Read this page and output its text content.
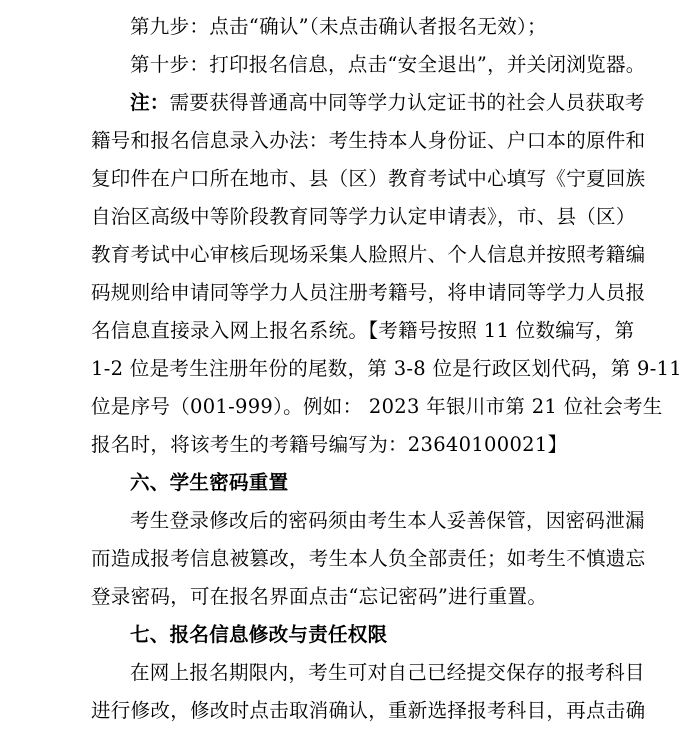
第九步：点击“确认”（未点击确认者报名无效）；
第十步：打印报名信息，点击“安全退出”，并关闭浏览器。
注：需要获得普通高中同等学力认定证书的社会人员获取考
籍号和报名信息录入办法：考生持本人身份证、户口本的原件和
复印件在户口所在地市、县（区）教育考试中心填写《宁夏回族
自治区高级中等阶段教育同等学力认定申请表》，市、县（区）
教育考试中心审核后现场采集人脸照片、个人信息并按照考籍编
码规则给申请同等学力人员注册考籍号，将申请同等学力人员报
名信息直接录入网上报名系统。【考籍号按照 11 位数编写，第
1-2 位是考生注册年份的尾数，第 3-8 位是行政区划代码，第 9-11
位是序号（001-999）。例如： 2023 年银川市第 21 位社会考生
报名时，将该考生的考籍号编写为：23640100021】
六、学生密码重置
考生登录修改后的密码须由考生本人妥善保管，因密码泄漏
而造成报考信息被篡改，考生本人负全部责任；如考生不慎遗忘
登录密码，可在报名界面点击“忘记密码”进行重置。
七、报名信息修改与责任权限
在网上报名期限内，考生可对自己已经提交保存的报考科目
进行修改，修改时点击取消确认，重新选择报考科目，再点击确
